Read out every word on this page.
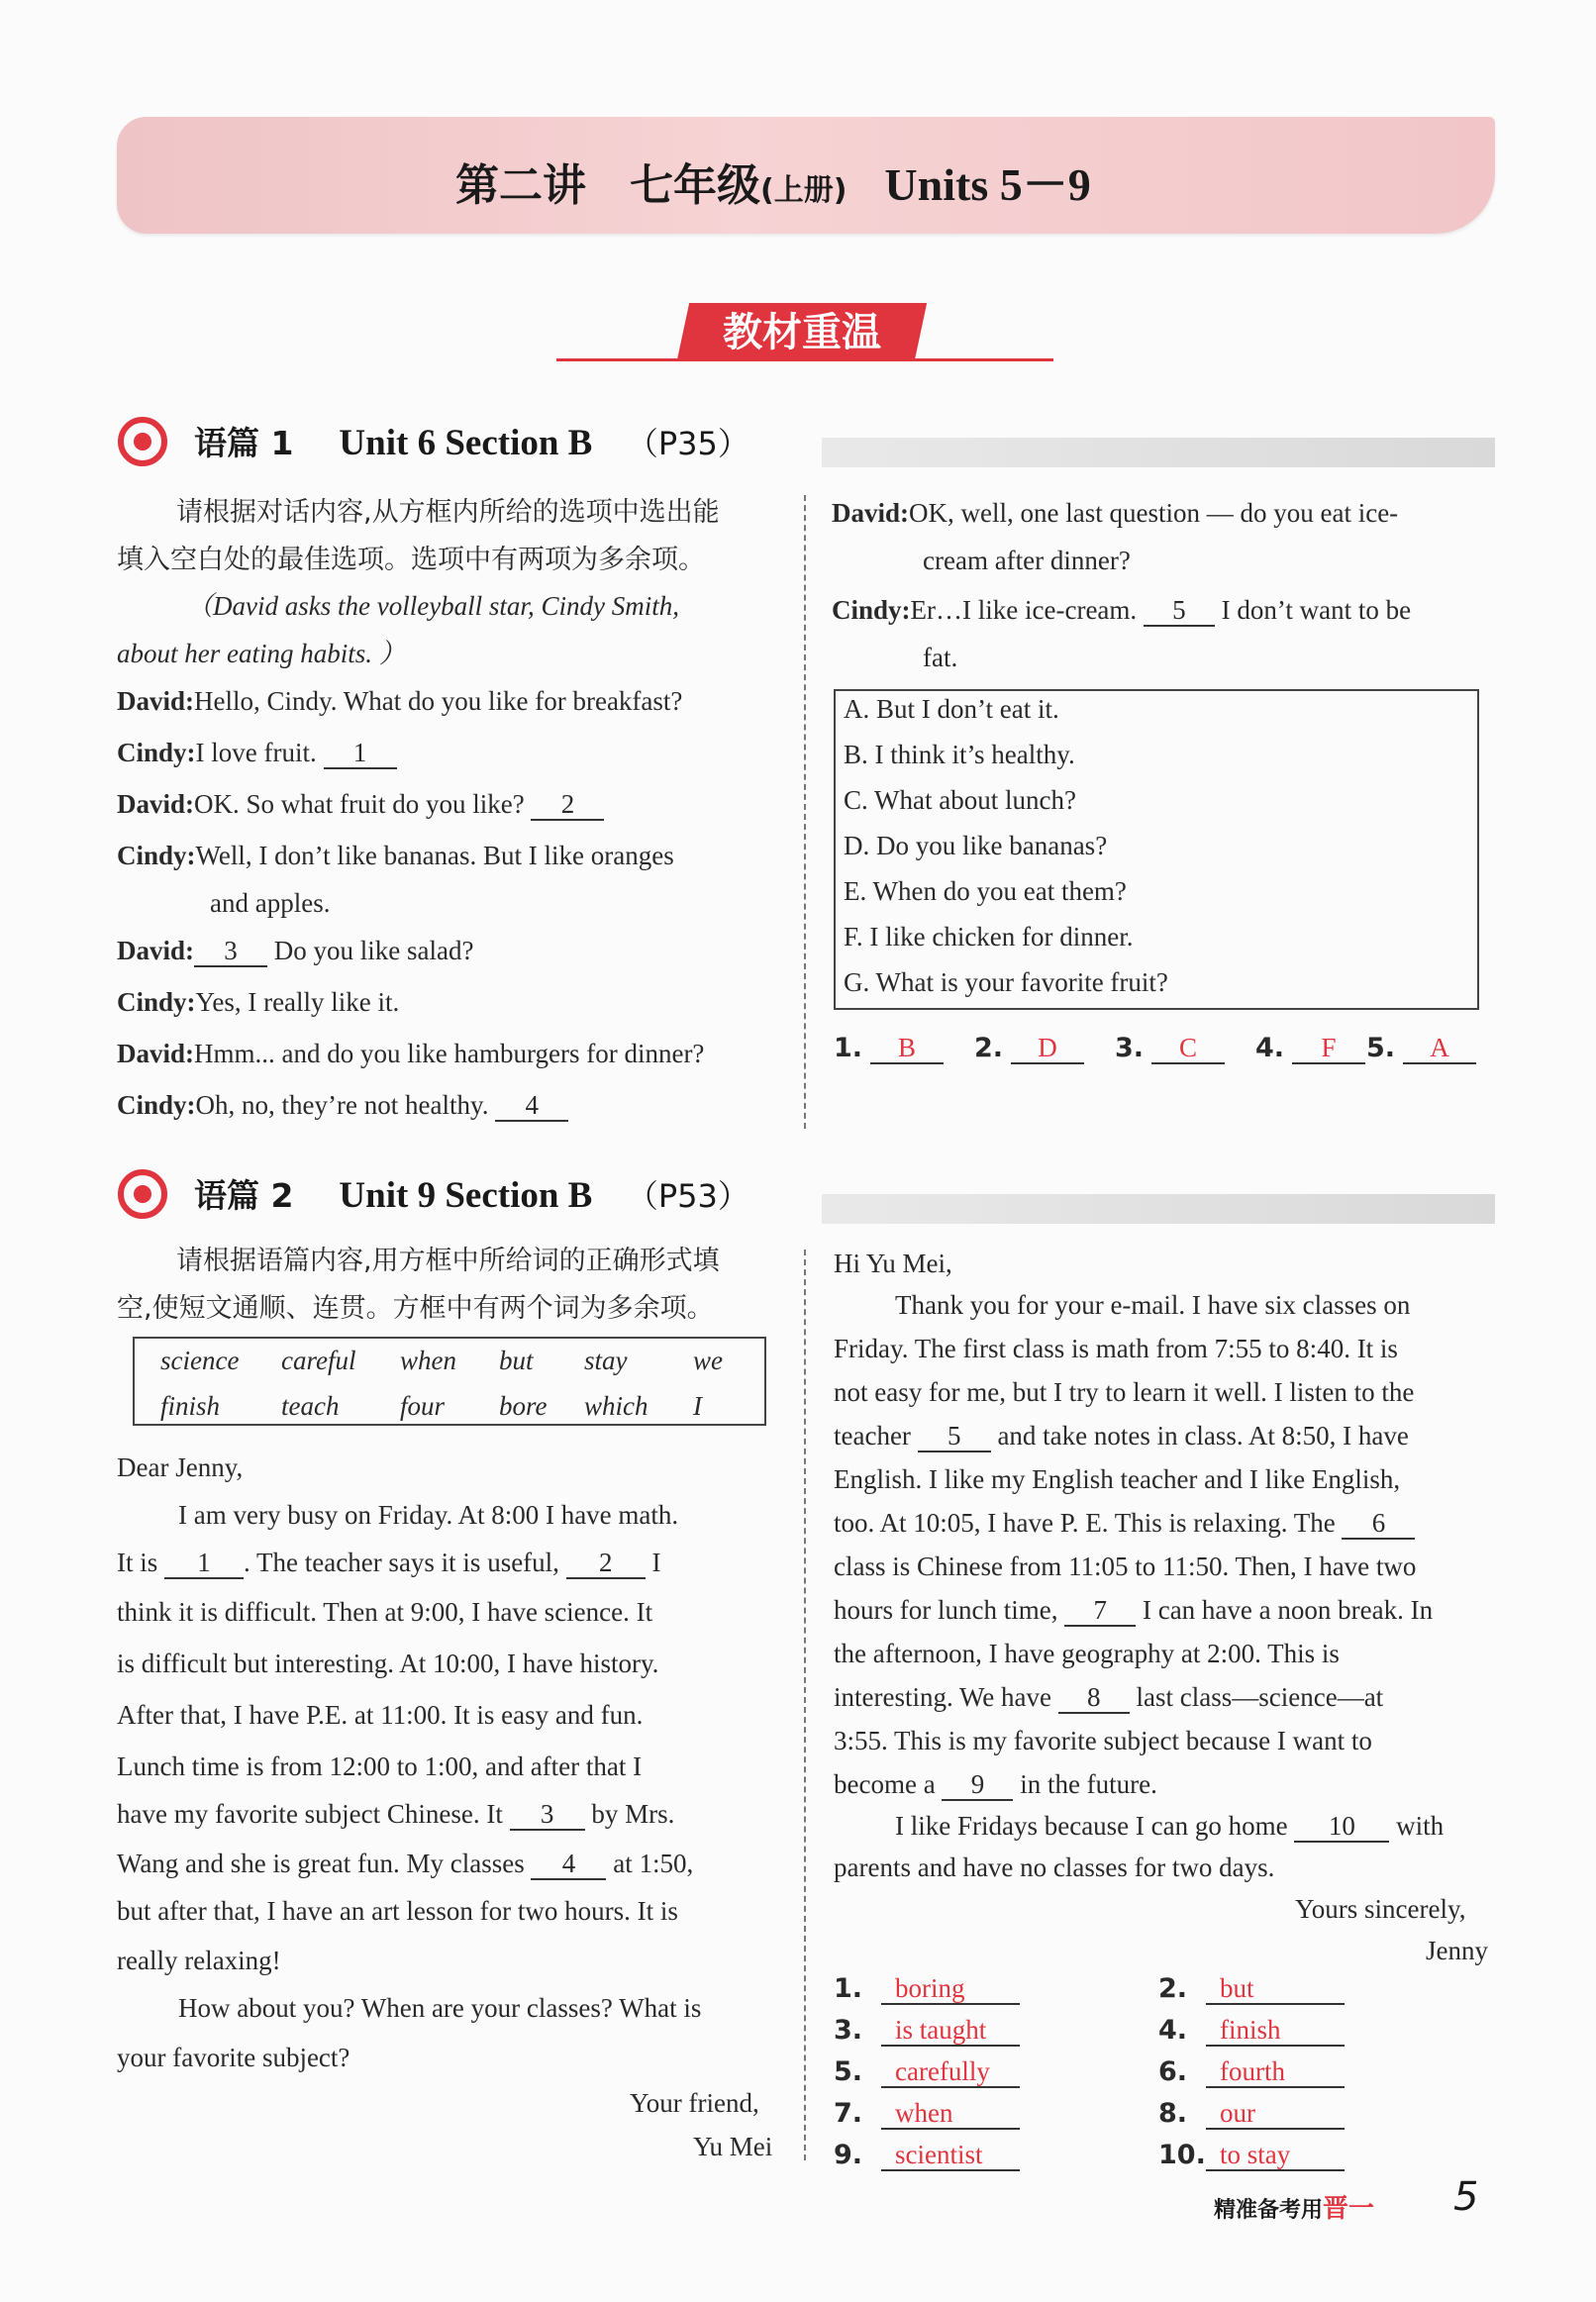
第二讲　七年级 (上册) Units 5－9
教材重温
语篇 1 Unit 6 Section B （P35）
请根据对话内容,从方框内所给的选项中选出能
填入空白处的最佳选项。选项中有两项为多余项。
（David asks the volleyball star, Cindy Smith,
about her eating habits. ）
David:Hello, Cindy. What do you like for breakfast?
Cindy:I love fruit. 1
David:OK. So what fruit do you like? 2
Cindy:Well, I don’t like bananas. But I like oranges
and apples.
David: 3 Do you like salad?
Cindy:Yes, I really like it.
David:Hmm... and do you like hamburgers for dinner?
Cindy:Oh, no, they’re not healthy. 4
David:OK, well, one last question — do you eat ice-
cream after dinner?
Cindy:Er…I like ice-cream. 5 I don’t want to be
fat.
A. But I don’t eat it.
B. I think it’s healthy.
C. What about lunch?
D. Do you like bananas?
E. When do you eat them?
F. I like chicken for dinner.
G. What is your favorite fruit?
1. B	2. D	3. C	4. F	5. A
语篇 2 Unit 9 Section B （P53）
请根据语篇内容,用方框中所给词的正确形式填
空,使短文通顺、连贯。方框中有两个词为多余项。
science careful when but stay we
finish teach four bore which I
Dear Jenny,
I am very busy on Friday. At 8:00 I have math.
It is 1 . The teacher says it is useful, 2 I
think it is difficult. Then at 9:00, I have science. It
is difficult but interesting. At 10:00, I have history.
After that, I have P.E. at 11:00. It is easy and fun.
Lunch time is from 12:00 to 1:00, and after that I
have my favorite subject Chinese. It 3 by Mrs.
Wang and she is great fun. My classes 4 at 1:50,
but after that, I have an art lesson for two hours. It is
really relaxing!
How about you? When are your classes? What is
your favorite subject?
Your friend,
Yu Mei
Hi Yu Mei,
Thank you for your e-mail. I have six classes on
Friday. The first class is math from 7:55 to 8:40. It is
not easy for me, but I try to learn it well. I listen to the
teacher 5 and take notes in class. At 8:50, I have
English. I like my English teacher and I like English,
too. At 10:05, I have P. E. This is relaxing. The 6
class is Chinese from 11:05 to 11:50. Then, I have two
hours for lunch time, 7 I can have a noon break. In
the afternoon, I have geography at 2:00. This is
interesting. We have 8 last class—science—at
3:55. This is my favorite subject because I want to
become a 9 in the future.
I like Fridays because I can go home 10 with
parents and have no classes for two days.
Yours sincerely,
Jenny
1. boring	2. but
3. is taught	4. finish
5. carefully	6. fourth
7. when	8. our
9. scientist	10. to stay
精准备考用晋一 5
